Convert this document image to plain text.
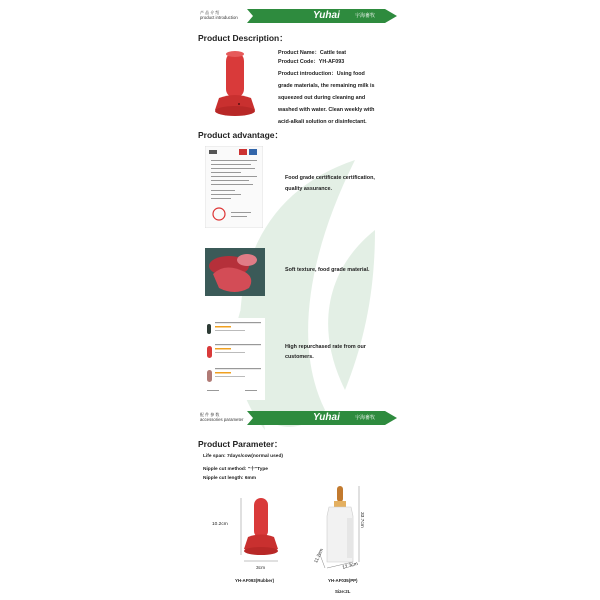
产 品 介 绍
product introduction	Yuhai	宇海畜牧
Product Description：
Product Name：Cattle teat
Product Code：YH-AF093
Product introduction：Using food
grade materials, the remaining milk is
squeezed out during cleaning and
washed with water. Clean weekly with
acid-alkali solution or disinfectant.
Product advantage：
Food grade certificate certification,
quality assurance.
Soft texture, food grade material.
High repurchased rate from our
customers.
配 件 参 数
accessories parameter	Yuhai	宇海畜牧
Product Parameter：
Life span: 7days/cow(normal used)
Nipple cut method: "十"Type
Nipple cut length: 6mm
10.2cm
3cm
YH-AF093(Rubber)
33.7cm
11.2cm
12.3cm
YH-AF035(PP)
Size:2L
